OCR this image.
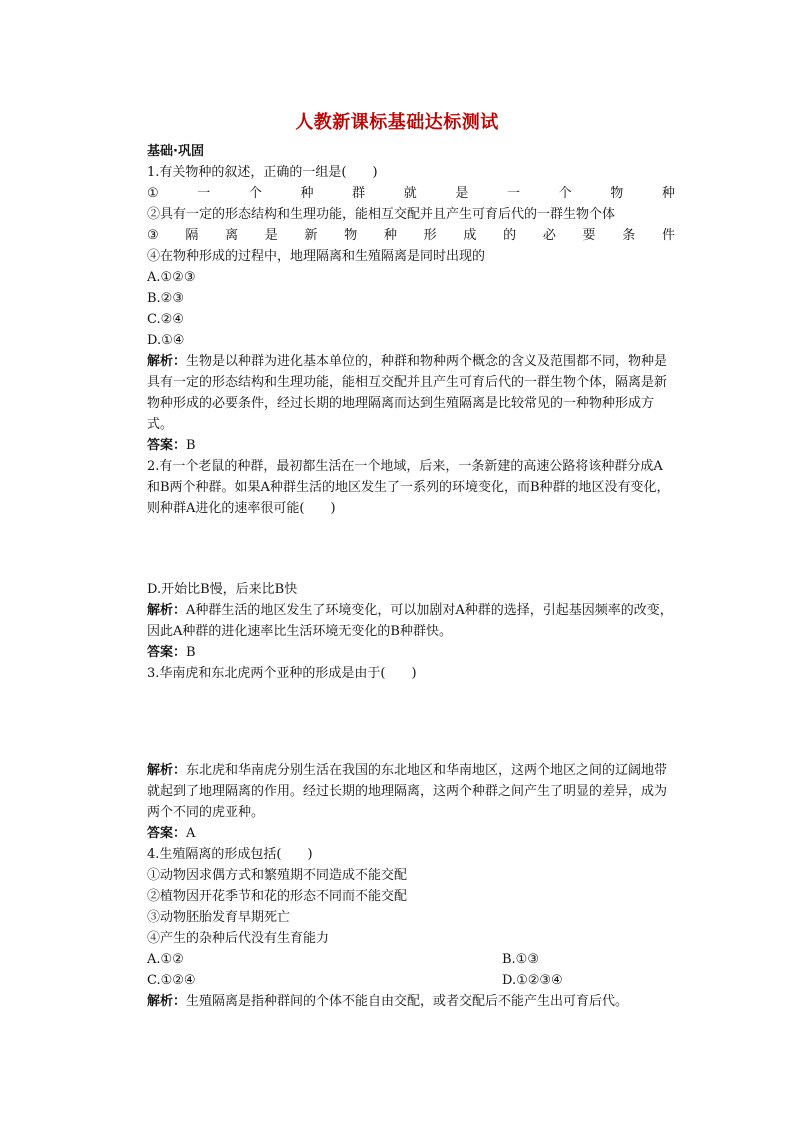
人教新课标基础达标测试
基础·巩固
1.有关物种的叙述，正确的一组是(　　)
①	一	个	种	群	就	是	一	个	物	种
②具有一定的形态结构和生理功能，能相互交配并且产生可育后代的一群生物个体
③ 隔 离 是 新 物 种 形 成 的 必 要 条 件
④在物种形成的过程中，地理隔离和生殖隔离是同时出现的
A.①②③
B.②③
C.②④
D.①④
解析：生物是以种群为进化基本单位的，种群和物种两个概念的含义及范围都不同，物种是具有一定的形态结构和生理功能，能相互交配并且产生可育后代的一群生物个体，隔离是新物种形成的必要条件，经过长期的地理隔离而达到生殖隔离是比较常见的一种物种形成方式。
答案：B
2.有一个老鼠的种群，最初都生活在一个地域，后来，一条新建的高速公路将该种群分成A和B两个种群。如果A种群生活的地区发生了一系列的环境变化，而B种群的地区没有变化，则种群A进化的速率很可能(　　)
D.开始比B慢，后来比B快
解析：A种群生活的地区发生了环境变化，可以加剧对A种群的选择，引起基因频率的改变，因此A种群的进化速率比生活环境无变化的B种群快。
答案：B
3.华南虎和东北虎两个亚种的形成是由于(　　)
解析：东北虎和华南虎分别生活在我国的东北地区和华南地区，这两个地区之间的辽阔地带就起到了地理隔离的作用。经过长期的地理隔离，这两个种群之间产生了明显的差异，成为两个不同的虎亚种。
答案：A
4.生殖隔离的形成包括(　　)
①动物因求偶方式和繁殖期不同造成不能交配
②植物因开花季节和花的形态不同而不能交配
③动物胚胎发育早期死亡
④产生的杂种后代没有生育能力
A.①②	B.①③
C.①②④	D.①②③④
解析：生殖隔离是指种群间的个体不能自由交配，或者交配后不能产生出可育后代。
